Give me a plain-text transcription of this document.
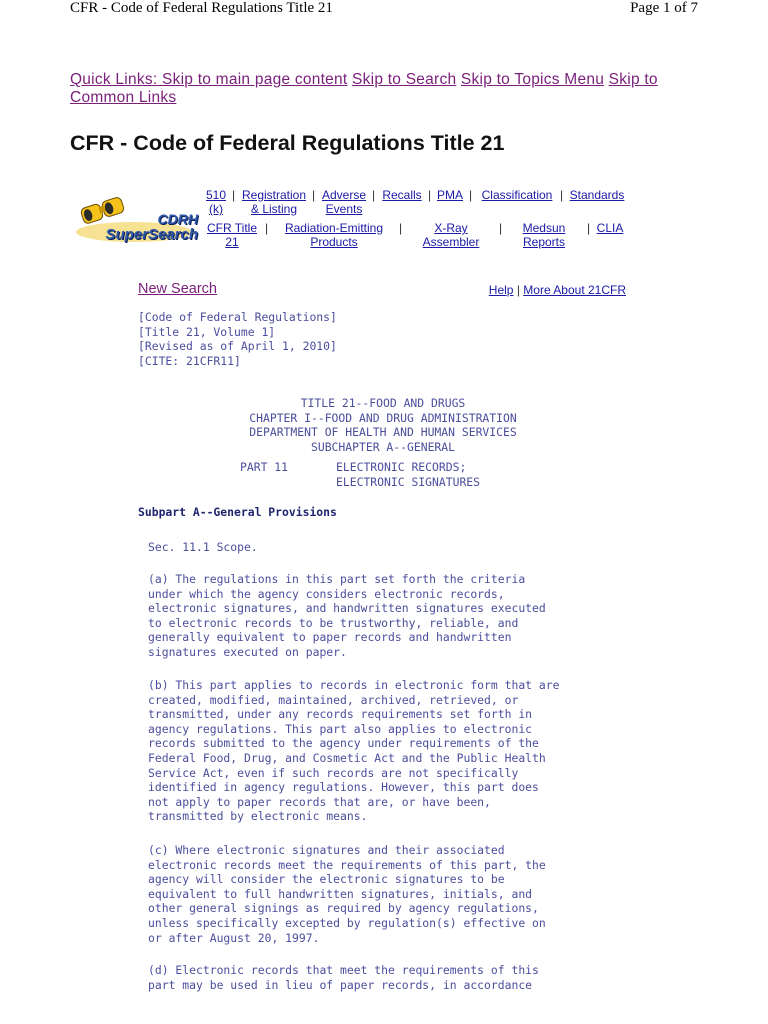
CFR - Code of Federal Regulations Title 21	Page 1 of 7
Quick Links: Skip to main page content Skip to Search Skip to Topics Menu Skip to Common Links
CFR - Code of Federal Regulations Title 21
CDRH
SuperSearch
510
(k)
| Registration
& Listing
| Adverse
Events
| Recalls | PMA | Classification | Standards
CFR Title
21
|	Radiation-Emitting
Products
|	X-Ray
Assembler
|	Medsun
Reports
| CLIA
New Search	Help | More About 21CFR
[Code of Federal Regulations]
[Title 21, Volume 1]
[Revised as of April 1, 2010]
[CITE: 21CFR11]
TITLE 21--FOOD AND DRUGS
CHAPTER I--FOOD AND DRUG ADMINISTRATION
DEPARTMENT OF HEALTH AND HUMAN SERVICES
SUBCHAPTER A--GENERAL
PART 11       ELECTRONIC RECORDS;
ELECTRONIC SIGNATURES
Subpart A--General Provisions
Sec. 11.1 Scope.
(a) The regulations in this part set forth the criteria
under which the agency considers electronic records,
electronic signatures, and handwritten signatures executed
to electronic records to be trustworthy, reliable, and
generally equivalent to paper records and handwritten
signatures executed on paper.
(b) This part applies to records in electronic form that are
created, modified, maintained, archived, retrieved, or
transmitted, under any records requirements set forth in
agency regulations. This part also applies to electronic
records submitted to the agency under requirements of the
Federal Food, Drug, and Cosmetic Act and the Public Health
Service Act, even if such records are not specifically
identified in agency regulations. However, this part does
not apply to paper records that are, or have been,
transmitted by electronic means.
(c) Where electronic signatures and their associated
electronic records meet the requirements of this part, the
agency will consider the electronic signatures to be
equivalent to full handwritten signatures, initials, and
other general signings as required by agency regulations,
unless specifically excepted by regulation(s) effective on
or after August 20, 1997.
(d) Electronic records that meet the requirements of this
part may be used in lieu of paper records, in accordance
